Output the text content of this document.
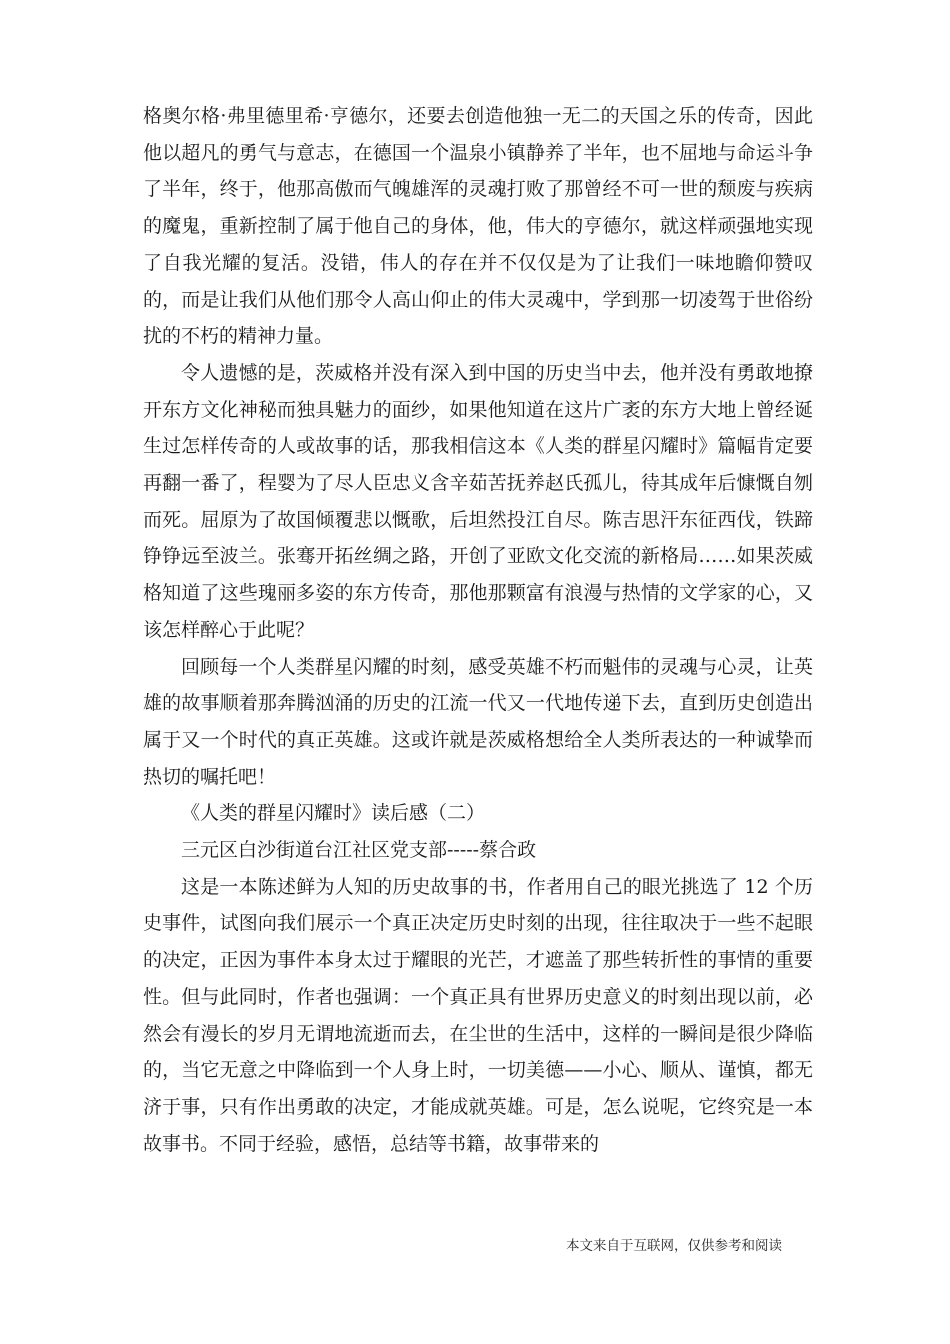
格奥尔格·弗里德里希·亨德尔，还要去创造他独一无二的天国之乐的传奇，因此他以超凡的勇气与意志，在德国一个温泉小镇静养了半年，也不屈地与命运斗争了半年，终于，他那高傲而气魄雄浑的灵魂打败了那曾经不可一世的颓废与疾病的魔鬼，重新控制了属于他自己的身体，他，伟大的亨德尔，就这样顽强地实现了自我光耀的复活。没错，伟人的存在并不仅仅是为了让我们一味地瞻仰赞叹的，而是让我们从他们那令人高山仰止的伟大灵魂中，学到那一切凌驾于世俗纷扰的不朽的精神力量。

令人遗憾的是，茨威格并没有深入到中国的历史当中去，他并没有勇敢地撩开东方文化神秘而独具魅力的面纱，如果他知道在这片广袤的东方大地上曾经诞生过怎样传奇的人或故事的话，那我相信这本《人类的群星闪耀时》篇幅肯定要再翻一番了，程婴为了尽人臣忠义含辛茹苦抚养赵氏孤儿，待其成年后慷慨自刎而死。屈原为了故国倾覆悲以慨歌，后坦然投江自尽。陈吉思汗东征西伐，铁蹄铮铮远至波兰。张骞开拓丝绸之路，开创了亚欧文化交流的新格局……如果茨威格知道了这些瑰丽多姿的东方传奇，那他那颗富有浪漫与热情的文学家的心，又该怎样醉心于此呢？

回顾每一个人类群星闪耀的时刻，感受英雄不朽而魁伟的灵魂与心灵，让英雄的故事顺着那奔腾汹涌的历史的江流一代又一代地传递下去，直到历史创造出属于又一个时代的真正英雄。这或许就是茨威格想给全人类所表达的一种诚挚而热切的嘱托吧！

《人类的群星闪耀时》读后感（二）

三元区白沙街道台江社区党支部-----蔡合政

这是一本陈述鲜为人知的历史故事的书，作者用自己的眼光挑选了 12 个历史事件，试图向我们展示一个真正决定历史时刻的出现，往往取决于一些不起眼的决定，正因为事件本身太过于耀眼的光芒，才遮盖了那些转折性的事情的重要性。但与此同时，作者也强调：一个真正具有世界历史意义的时刻出现以前，必然会有漫长的岁月无谓地流逝而去，在尘世的生活中，这样的一瞬间是很少降临的，当它无意之中降临到一个人身上时，一切美德——小心、顺从、谨慎，都无济于事，只有作出勇敢的决定，才能成就英雄。可是，怎么说呢，它终究是一本故事书。不同于经验，感悟，总结等书籍，故事带来的

本文来自于互联网，仅供参考和阅读
